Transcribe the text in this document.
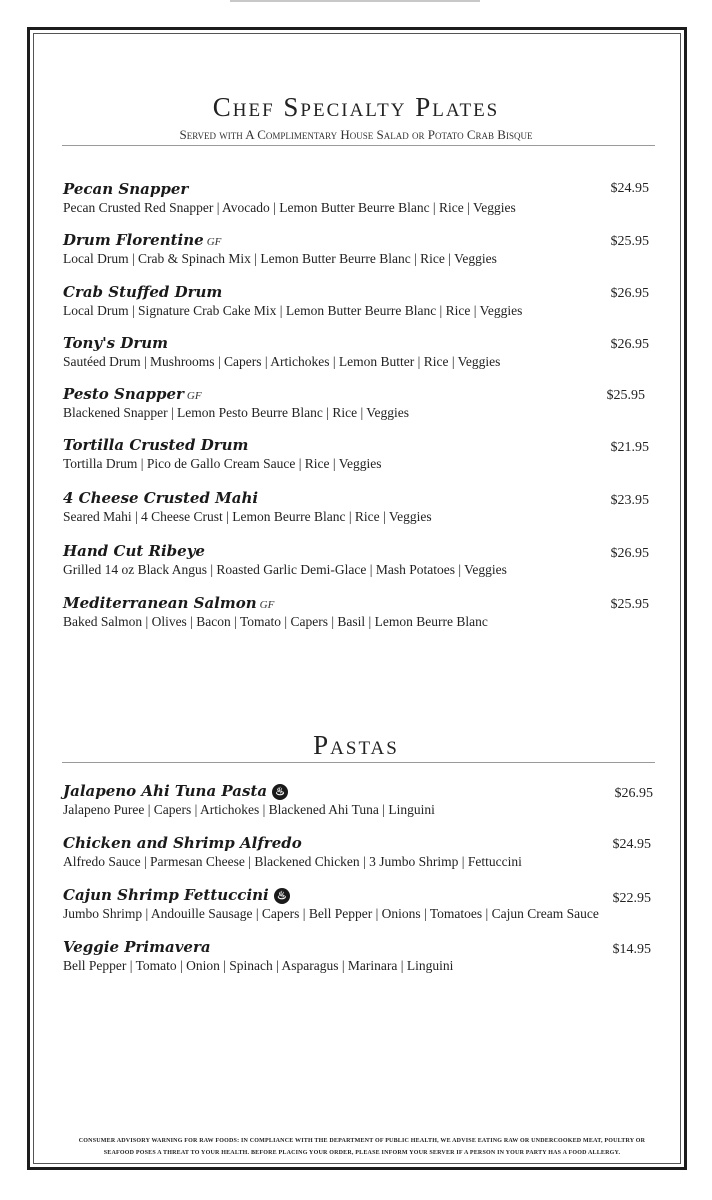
Chef Specialty Plates
Served with A Complimentary House Salad or Potato Crab Bisque
Pecan Snapper
Pecan Crusted Red Snapper | Avocado | Lemon Butter Beurre Blanc | Rice | Veggies
$24.95
Drum Florentine GF
Local Drum | Crab & Spinach Mix | Lemon Butter Beurre Blanc | Rice | Veggies
$25.95
Crab Stuffed Drum
Local Drum | Signature Crab Cake Mix | Lemon Butter Beurre Blanc | Rice | Veggies
$26.95
Tony's Drum
Sautéed Drum | Mushrooms | Capers | Artichokes | Lemon Butter | Rice | Veggies
$26.95
Pesto Snapper GF
Blackened Snapper | Lemon Pesto Beurre Blanc | Rice | Veggies
$25.95
Tortilla Crusted Drum
Tortilla Drum | Pico de Gallo Cream Sauce | Rice | Veggies
$21.95
4 Cheese Crusted Mahi
Seared Mahi | 4 Cheese Crust | Lemon Beurre Blanc | Rice | Veggies
$23.95
Hand Cut Ribeye
Grilled 14 oz Black Angus | Roasted Garlic Demi-Glace | Mash Potatoes | Veggies
$26.95
Mediterranean Salmon GF
Baked Salmon | Olives | Bacon | Tomato | Capers | Basil | Lemon Beurre Blanc
$25.95
Pastas
Jalapeno Ahi Tuna Pasta ♨
Jalapeno Puree | Capers | Artichokes | Blackened Ahi Tuna | Linguini
$26.95
Chicken and Shrimp Alfredo
Alfredo Sauce | Parmesan Cheese | Blackened Chicken | 3 Jumbo Shrimp | Fettuccini
$24.95
Cajun Shrimp Fettuccini ♨
Jumbo Shrimp | Andouille Sausage | Capers | Bell Pepper | Onions | Tomatoes | Cajun Cream Sauce
$22.95
Veggie Primavera
Bell Pepper | Tomato | Onion | Spinach | Asparagus | Marinara | Linguini
$14.95
CONSUMER ADVISORY WARNING FOR RAW FOODS: IN COMPLIANCE WITH THE DEPARTMENT OF PUBLIC HEALTH, WE ADVISE EATING RAW OR UNDERCOOKED MEAT, POULTRY OR
SEAFOOD POSES A THREAT TO YOUR HEALTH. BEFORE PLACING YOUR ORDER, PLEASE INFORM YOUR SERVER IF A PERSON IN YOUR PARTY HAS A FOOD ALLERGY.
